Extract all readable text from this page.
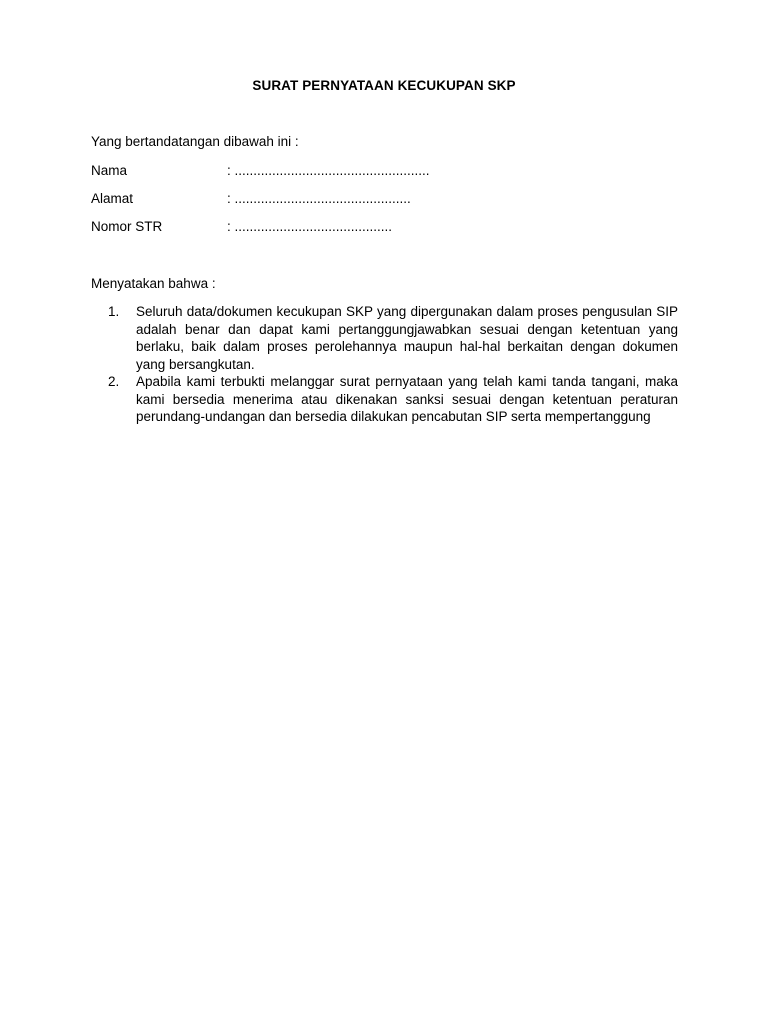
SURAT PERNYATAAN KECUKUPAN SKP
Yang bertandatangan dibawah ini :
Nama	: ....................................................
Alamat	: ...............................................
Nomor STR	: ..........................................
Menyatakan bahwa :
1.	Seluruh data/dokumen kecukupan SKP yang dipergunakan dalam proses pengusulan SIP adalah benar dan dapat kami pertanggungjawabkan sesuai dengan ketentuan yang berlaku, baik dalam proses perolehannya maupun hal-hal berkaitan dengan dokumen yang bersangkutan.
2.	Apabila kami terbukti melanggar surat pernyataan yang telah kami tanda tangani, maka kami bersedia menerima atau dikenakan sanksi sesuai dengan ketentuan peraturan perundang-undangan dan bersedia dilakukan pencabutan SIP serta mempertanggung
